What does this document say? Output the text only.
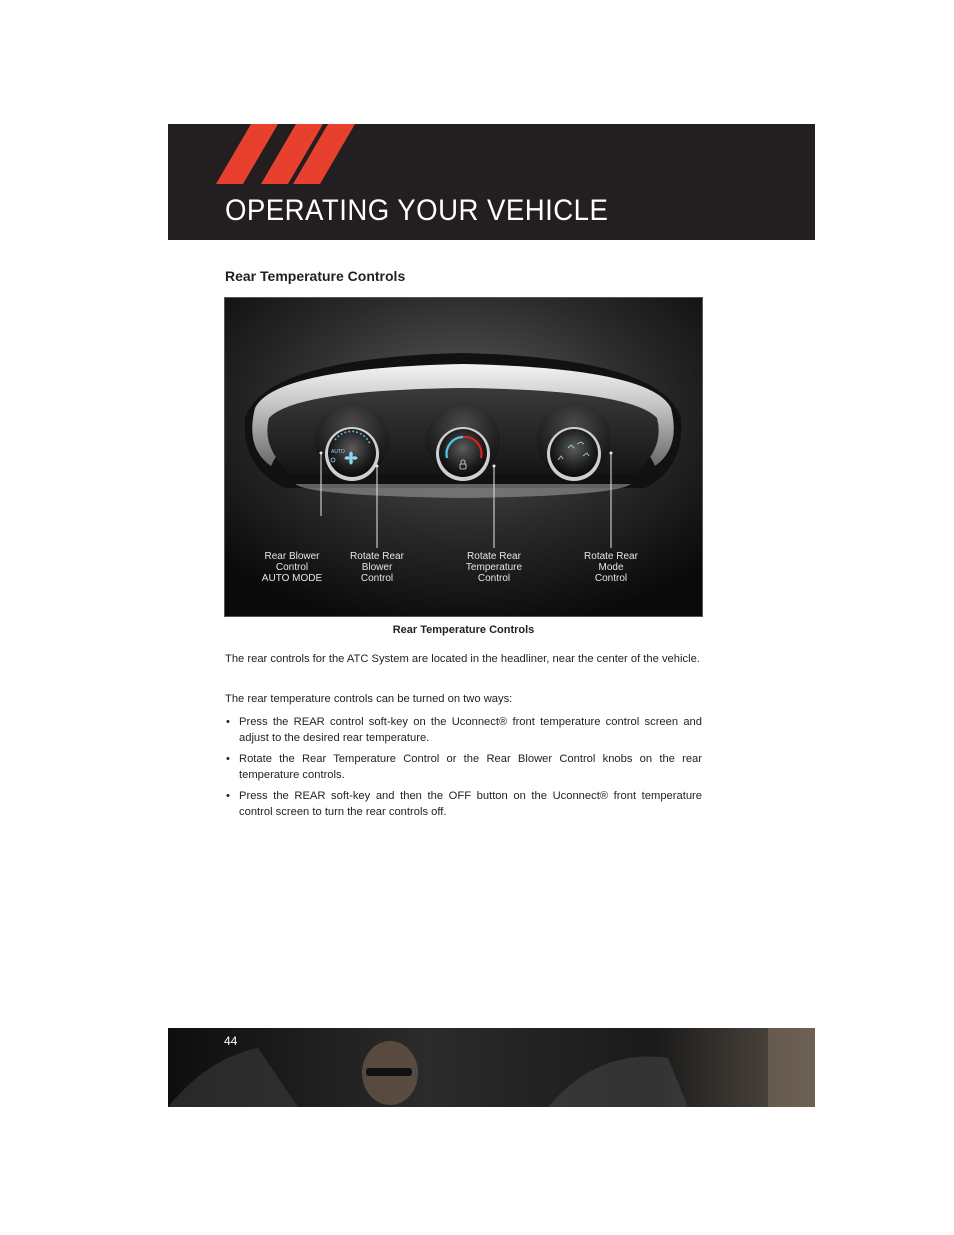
OPERATING YOUR VEHICLE
Rear Temperature Controls
AUTO
Rear Blower
Control
AUTO MODE
Rotate Rear
Blower
Control
Rotate Rear
Temperature
Control
Rotate Rear
Mode
Control
Rear Temperature Controls

The rear controls for the ATC System are located in the headliner, near the center of the vehicle.

The rear temperature controls can be turned on two ways:

• Press the REAR control soft-key on the Uconnect® front temperature control screen and adjust to the desired rear temperature.
• Rotate the Rear Temperature Control or the Rear Blower Control knobs on the rear temperature controls.
• Press the REAR soft-key and then the OFF button on the Uconnect® front temperature control screen to turn the rear controls off.
44
